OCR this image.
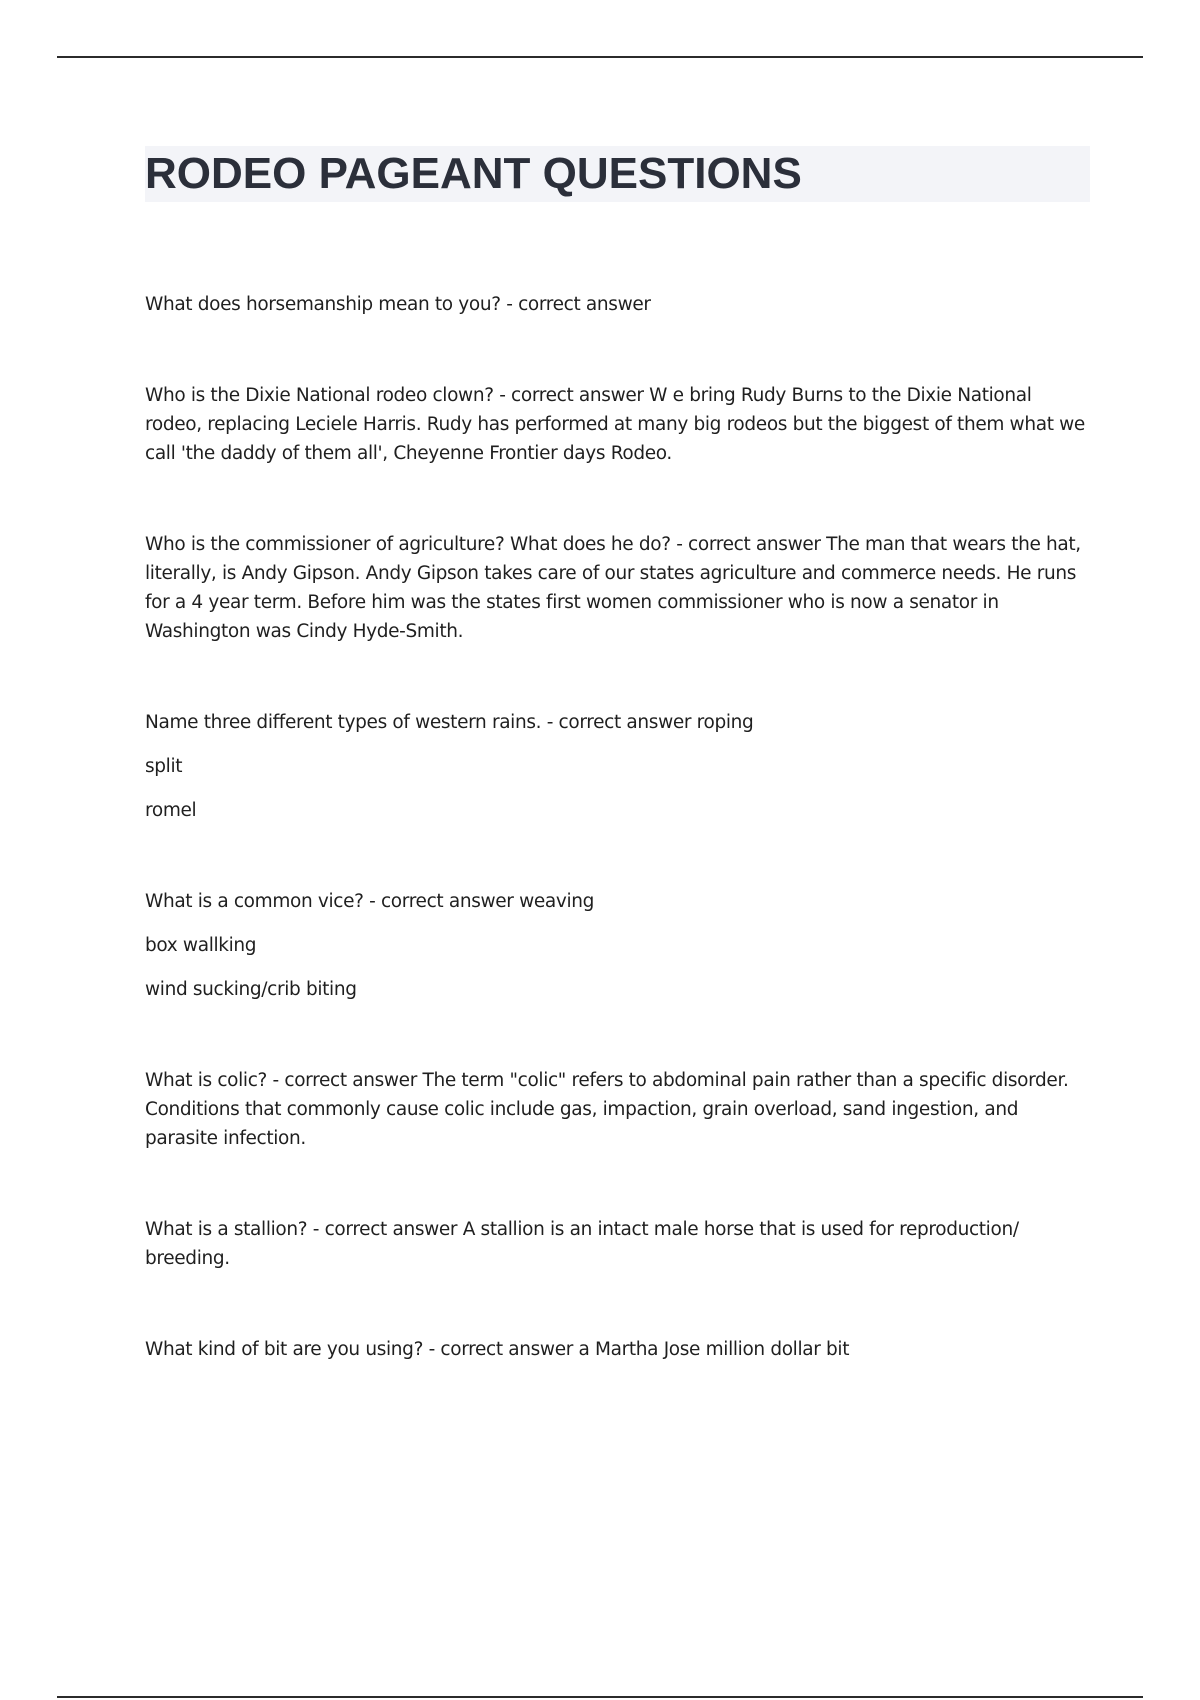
RODEO PAGEANT QUESTIONS

What does horsemanship mean to you? - correct answer

Who is the Dixie National rodeo clown? - correct answer W e bring Rudy Burns to the Dixie National rodeo, replacing Leciele Harris. Rudy has performed at many big rodeos but the biggest of them what we call 'the daddy of them all', Cheyenne Frontier days Rodeo.

Who is the commissioner of agriculture? What does he do? - correct answer The man that wears the hat, literally, is Andy Gipson. Andy Gipson takes care of our states agriculture and commerce needs. He runs for a 4 year term. Before him was the states first women commissioner who is now a senator in Washington was Cindy Hyde-Smith.

Name three different types of western rains. - correct answer roping

split

romel

What is a common vice? - correct answer weaving

box wallking

wind sucking/crib biting

What is colic? - correct answer The term "colic" refers to abdominal pain rather than a specific disorder. Conditions that commonly cause colic include gas, impaction, grain overload, sand ingestion, and parasite infection.

What is a stallion? - correct answer A stallion is an intact male horse that is used for reproduction/ breeding.

What kind of bit are you using? - correct answer a Martha Jose million dollar bit
